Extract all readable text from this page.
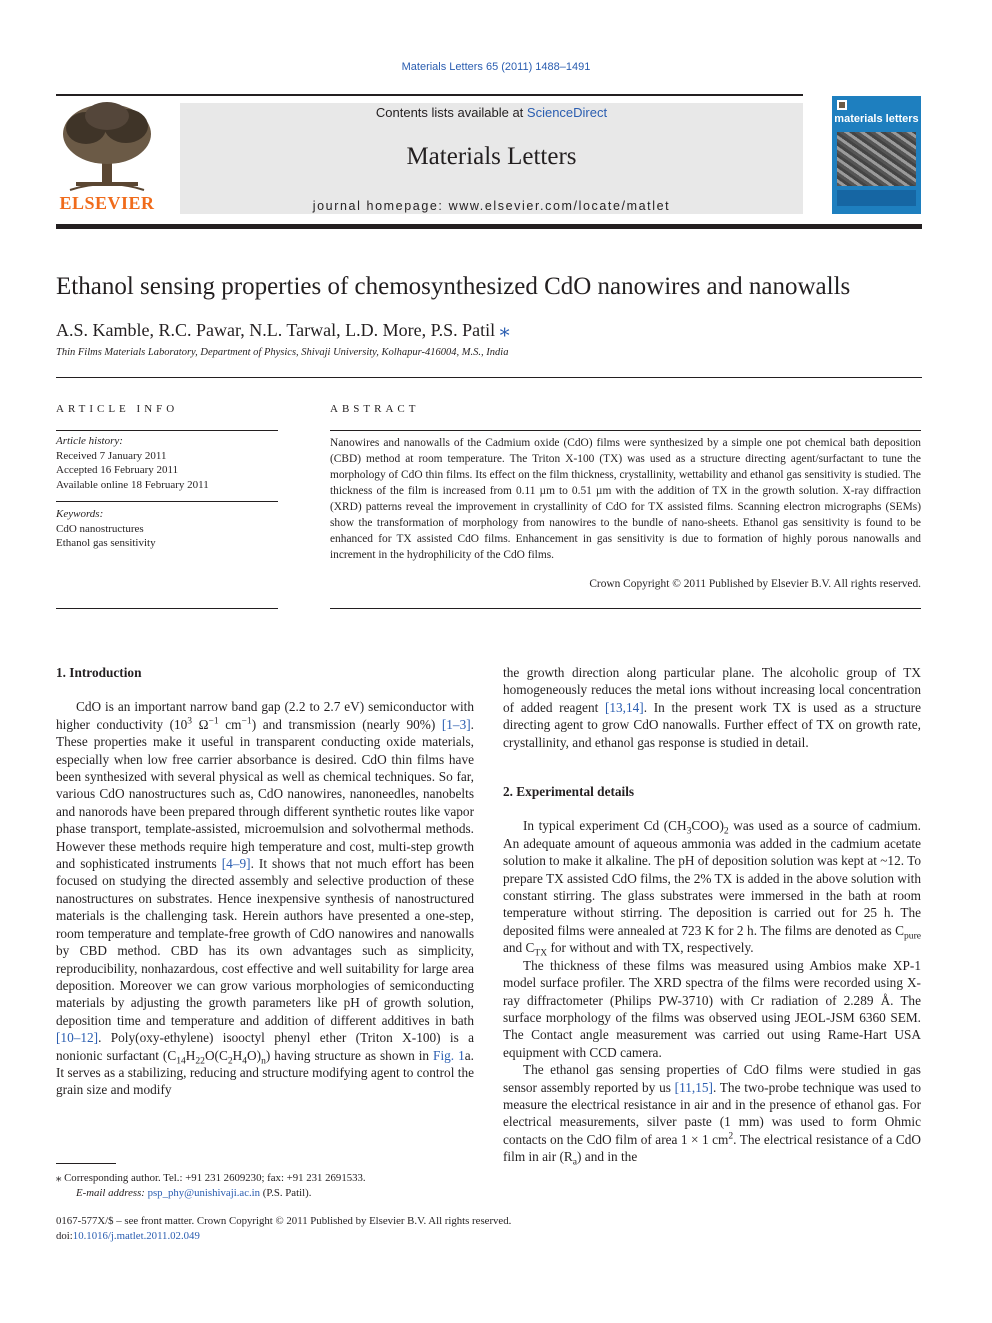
Materials Letters 65 (2011) 1488–1491
ELSEVIER
Contents lists available at ScienceDirect
Materials Letters
journal homepage: www.elsevier.com/locate/matlet
materials letters
Ethanol sensing properties of chemosynthesized CdO nanowires and nanowalls
A.S. Kamble, R.C. Pawar, N.L. Tarwal, L.D. More, P.S. Patil ⁎
Thin Films Materials Laboratory, Department of Physics, Shivaji University, Kolhapur-416004, M.S., India
ARTICLE INFO
Article history:
Received 7 January 2011
Accepted 16 February 2011
Available online 18 February 2011
Keywords:
CdO nanostructures
Ethanol gas sensitivity
ABSTRACT
Nanowires and nanowalls of the Cadmium oxide (CdO) films were synthesized by a simple one pot chemical bath deposition (CBD) method at room temperature. The Triton X-100 (TX) was used as a structure directing agent/surfactant to tune the morphology of CdO thin films. Its effect on the film thickness, crystallinity, wettability and ethanol gas sensitivity is studied. The thickness of the film is increased from 0.11 µm to 0.51 µm with the addition of TX in the growth solution. X-ray diffraction (XRD) patterns reveal the improvement in crystallinity of CdO for TX assisted films. Scanning electron micrographs (SEMs) show the transformation of morphology from nanowires to the bundle of nano-sheets. Ethanol gas sensitivity is found to be enhanced for TX assisted CdO films. Enhancement in gas sensitivity is due to formation of highly porous nanowalls and increment in the hydrophilicity of the CdO films.
Crown Copyright © 2011 Published by Elsevier B.V. All rights reserved.
1. Introduction

CdO is an important narrow band gap (2.2 to 2.7 eV) semiconductor with higher conductivity ($10^3$ $\Omega^{-1}$ $cm^{-1}$) and transmission (nearly 90%) [1–3]. These properties make it useful in transparent conducting oxide materials, especially when low free carrier absorbance is desired. CdO thin films have been synthesized with several physical as well as chemical techniques. So far, various CdO nanostructures such as, CdO nanowires, nanoneedles, nanobelts and nanorods have been prepared through different synthetic routes like vapor phase transport, template-assisted, microemulsion and solvothermal methods. However these methods require high temperature and cost, multi-step growth and sophisticated instruments [4–9]. It shows that not much effort has been focused on studying the directed assembly and selective production of these nanostructures on substrates. Hence inexpensive synthesis of nanostructured materials is the challenging task. Herein authors have presented a one-step, room temperature and template-free growth of CdO nanowires and nanowalls by CBD method. CBD has its own advantages such as simplicity, reproducibility, nonhazardous, cost effective and well suitability for large area deposition. Moreover we can grow various morphologies of semiconducting materials by adjusting the growth parameters like pH of growth solution, deposition time and temperature and addition of different additives in bath [10–12]. Poly(oxy-ethylene) isooctyl phenyl ether (Triton X-100) is a nonionic surfactant $(C_{14}H_{22}O(C_2H_4O)_n)$ having structure as shown in Fig. 1a. It serves as a stabilizing, reducing and structure modifying agent to control the grain size and modify

the growth direction along particular plane. The alcoholic group of TX homogeneously reduces the metal ions without increasing local concentration of added reagent [13,14]. In the present work TX is used as a structure directing agent to grow CdO nanowalls. Further effect of TX on growth rate, crystallinity, and ethanol gas response is studied in detail.

2. Experimental details

In typical experiment Cd $(CH_3COO)_2$ was used as a source of cadmium. An adequate amount of aqueous ammonia was added in the cadmium acetate solution to make it alkaline. The pH of deposition solution was kept at ~12. To prepare TX assisted CdO films, the 2% TX is added in the above solution with constant stirring. The glass substrates were immersed in the bath at room temperature without stirring. The deposition is carried out for 25 h. The deposited films were annealed at 723 K for 2 h. The films are denoted as $C_{pure}$ and $C_{TX}$ for without and with TX, respectively.

The thickness of these films was measured using Ambios make XP-1 model surface profiler. The XRD spectra of the films were recorded using X-ray diffractometer (Philips PW-3710) with Cr radiation of 2.289 Å. The surface morphology of the films was observed using JEOL-JSM 6360 SEM. The Contact angle measurement was carried out using Rame-Hart USA equipment with CCD camera.

The ethanol gas sensing properties of CdO films were studied in gas sensor assembly reported by us [11,15]. The two-probe technique was used to measure the electrical resistance in air and in the presence of ethanol gas. For electrical measurements, silver paste (1 mm) was used to form Ohmic contacts on the CdO film of area 1 × 1 $cm^2$. The electrical resistance of a CdO film in air $(R_a)$ and in the

⁎ Corresponding author. Tel.: +91 231 2609230; fax: +91 231 2691533.
E-mail address: psp_phy@unishivaji.ac.in (P.S. Patil).
0167-577X/$ – see front matter. Crown Copyright © 2011 Published by Elsevier B.V. All rights reserved.
doi:10.1016/j.matlet.2011.02.049
